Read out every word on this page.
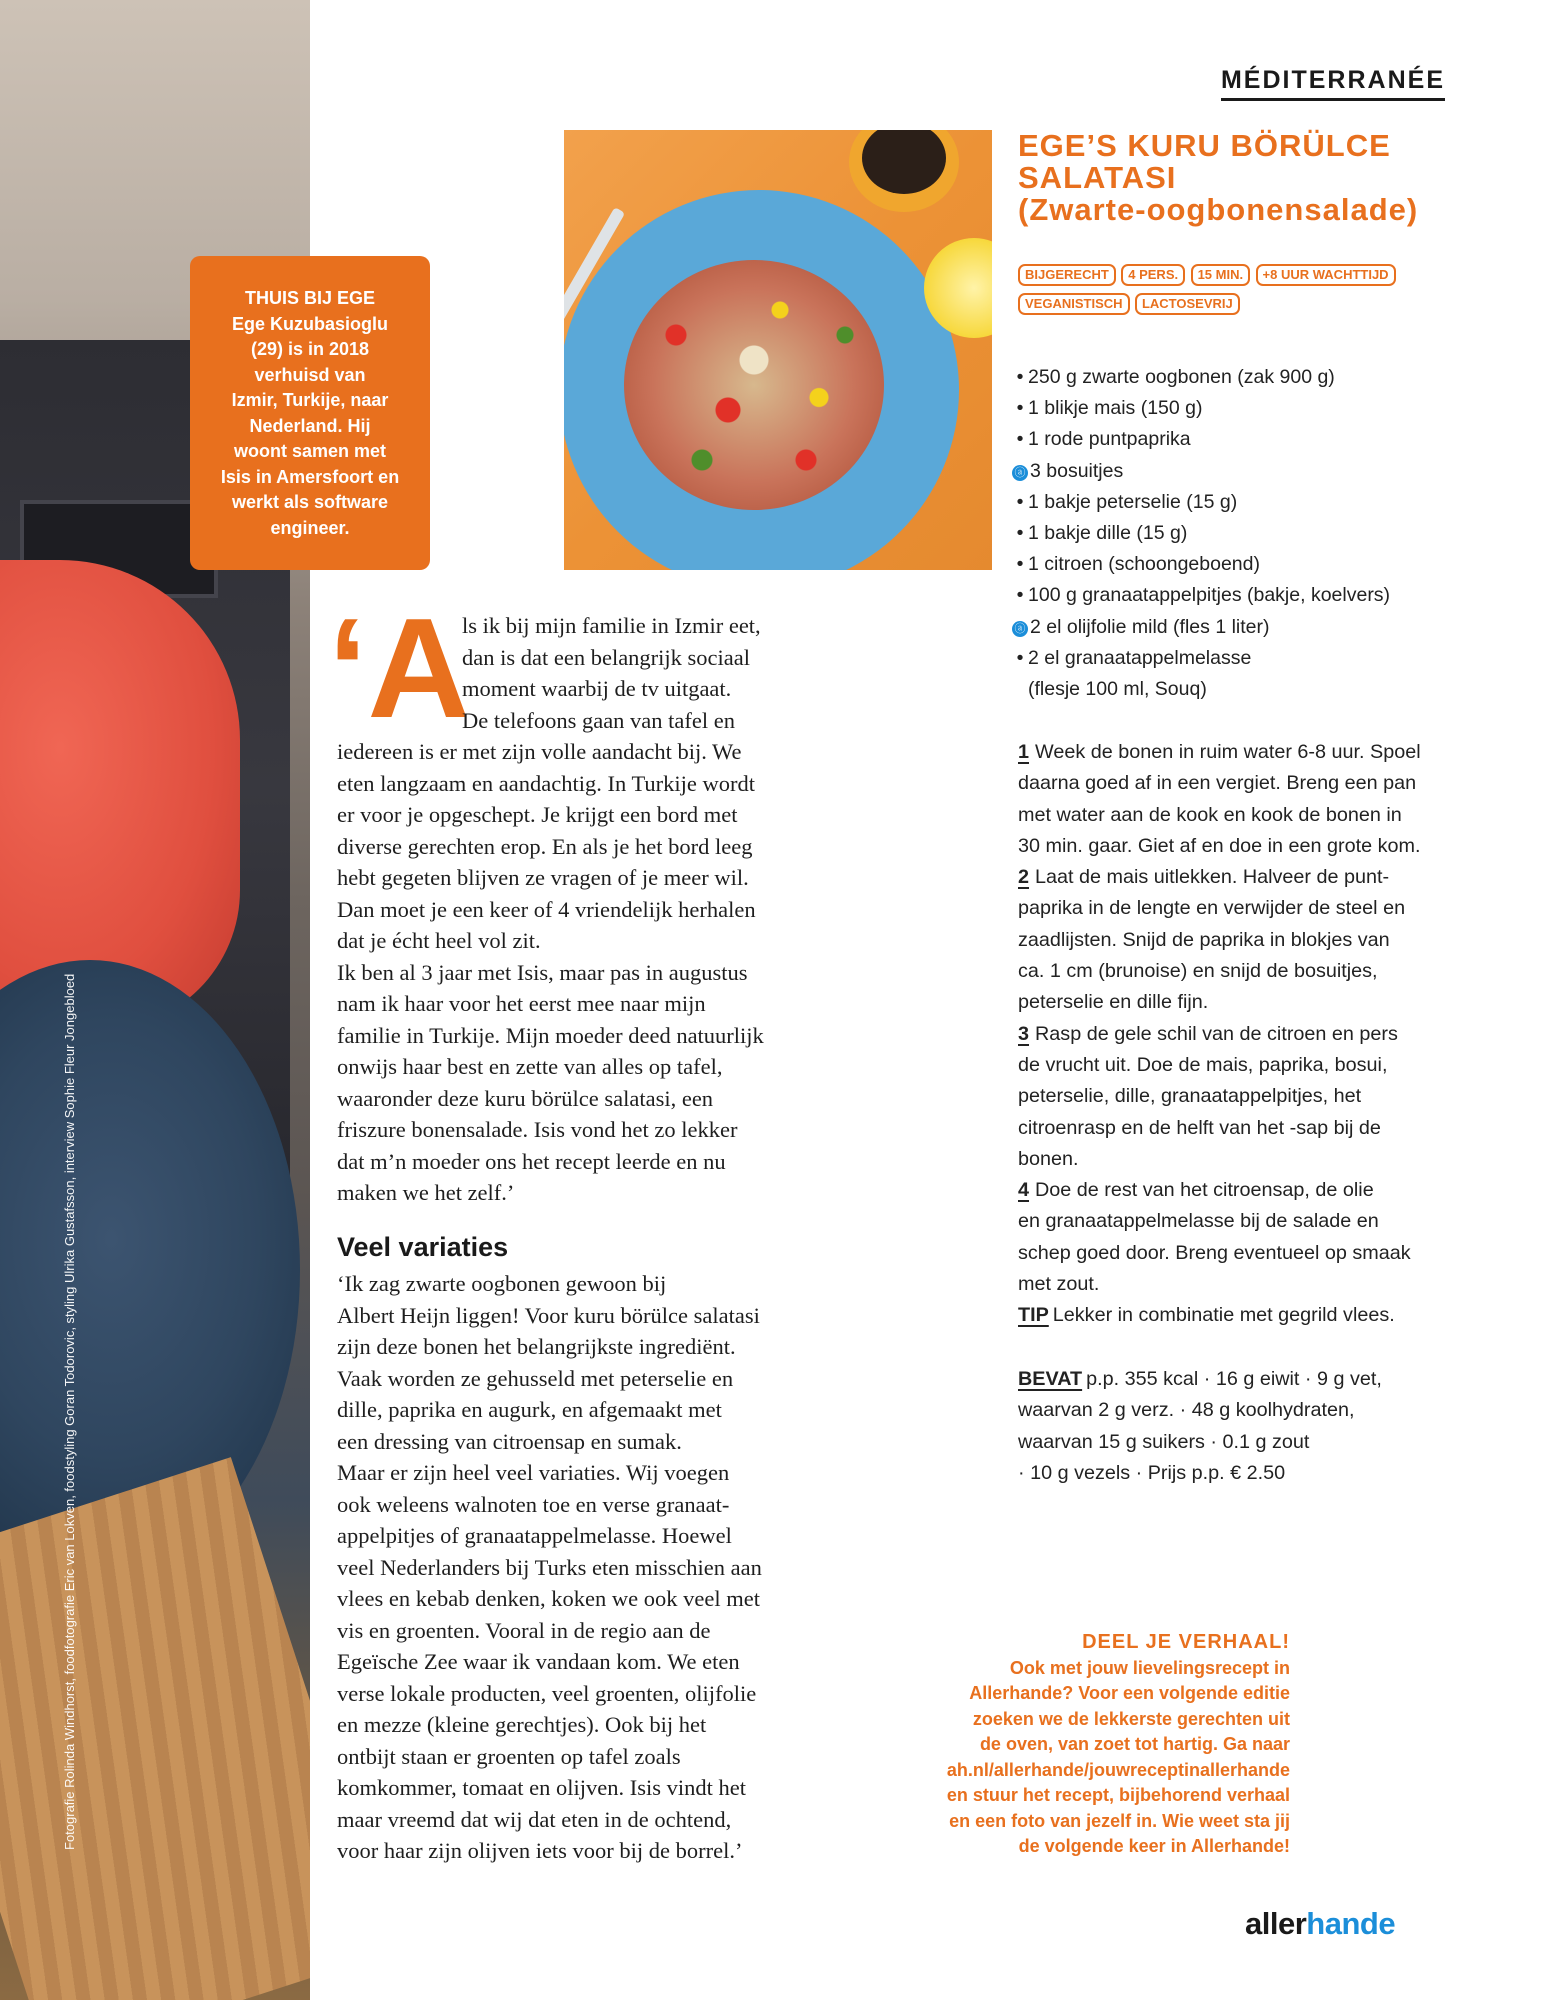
Fotografie Rolinda Windhorst, foodfotografie Eric van Lokven, foodstyling Goran Todorovic, styling Ulrika Gustafsson, interview Sophie Fleur Jongebloed
THUIS BIJ EGE
Ege Kuzubasioglu
(29) is in 2018
verhuisd van
Izmir, Turkije, naar
Nederland. Hij
woont samen met
Isis in Amersfoort en
werkt als software
engineer.
MÉDITERRANÉE
EGE’S KURU BÖRÜLCE
SALATASI
(Zwarte-oogbonensalade)
BIJGERECHT 4 PERS. 15 MIN. +8 UUR WACHTTIJD
VEGANISTISCH LACTOSEVRIJ
• 250 g zwarte oogbonen (zak 900 g)
• 1 blikje mais (150 g)
• 1 rode puntpaprika
ⓐ 3 bosuitjes
• 1 bakje peterselie (15 g)
• 1 bakje dille (15 g)
• 1 citroen (schoongeboend)
• 100 g granaatappelpitjes (bakje, koelvers)
ⓐ 2 el olijfolie mild (fles 1 liter)
• 2 el granaatappelmelasse
(flesje 100 ml, Souq)
1 Week de bonen in ruim water 6-8 uur. Spoel
daarna goed af in een vergiet. Breng een pan
met water aan de kook en kook de bonen in
30 min. gaar. Giet af en doe in een grote kom.
2 Laat de mais uitlekken. Halveer de punt-
paprika in de lengte en verwijder de steel en
zaadlijsten. Snijd de paprika in blokjes van
ca. 1 cm (brunoise) en snijd de bosuitjes,
peterselie en dille fijn.
3 Rasp de gele schil van de citroen en pers
de vrucht uit. Doe de mais, paprika, bosui,
peterselie, dille, granaatappelpitjes, het
citroenrasp en de helft van het -sap bij de
bonen.
4 Doe de rest van het citroensap, de olie
en granaatappelmelasse bij de salade en
schep goed door. Breng eventueel op smaak
met zout.
TIP Lekker in combinatie met gegrild vlees.
BEVAT p.p. 355 kcal · 16 g eiwit · 9 g vet,
waarvan 2 g verz. · 48 g koolhydraten,
waarvan 15 g suikers · 0.1 g zout
· 10 g vezels · Prijs p.p. € 2.50
‘A
ls ik bij mijn familie in Izmir eet,
dan is dat een belangrijk sociaal
moment waarbij de tv uitgaat.
De telefoons gaan van tafel en
iedereen is er met zijn volle aandacht bij. We
eten langzaam en aandachtig. In Turkije wordt
er voor je opgeschept. Je krijgt een bord met
diverse gerechten erop. En als je het bord leeg
hebt gegeten blijven ze vragen of je meer wil.
Dan moet je een keer of 4 vriendelijk herhalen
dat je écht heel vol zit.
Ik ben al 3 jaar met Isis, maar pas in augustus
nam ik haar voor het eerst mee naar mijn
familie in Turkije. Mijn moeder deed natuurlijk
onwijs haar best en zette van alles op tafel,
waaronder deze kuru börülce salatasi, een
friszure bonensalade. Isis vond het zo lekker
dat m’n moeder ons het recept leerde en nu
maken we het zelf.’
Veel variaties
‘Ik zag zwarte oogbonen gewoon bij
Albert Heijn liggen! Voor kuru börülce salatasi
zijn deze bonen het belangrijkste ingrediënt.
Vaak worden ze gehusseld met peterselie en
dille, paprika en augurk, en afgemaakt met
een dressing van citroensap en sumak.
Maar er zijn heel veel variaties. Wij voegen
ook weleens walnoten toe en verse granaat-
appelpitjes of granaatappelmelasse. Hoewel
veel Nederlanders bij Turks eten misschien aan
vlees en kebab denken, koken we ook veel met
vis en groenten. Vooral in de regio aan de
Egeïsche Zee waar ik vandaan kom. We eten
verse lokale producten, veel groenten, olijfolie
en mezze (kleine gerechtjes). Ook bij het
ontbijt staan er groenten op tafel zoals
komkommer, tomaat en olijven. Isis vindt het
maar vreemd dat wij dat eten in de ochtend,
voor haar zijn olijven iets voor bij de borrel.’
DEEL JE VERHAAL!
Ook met jouw lievelingsrecept in
Allerhande? Voor een volgende editie
zoeken we de lekkerste gerechten uit
de oven, van zoet tot hartig. Ga naar
ah.nl/allerhande/jouwreceptinallerhande
en stuur het recept, bijbehorend verhaal
en een foto van jezelf in. Wie weet sta jij
de volgende keer in Allerhande!
allerhande
